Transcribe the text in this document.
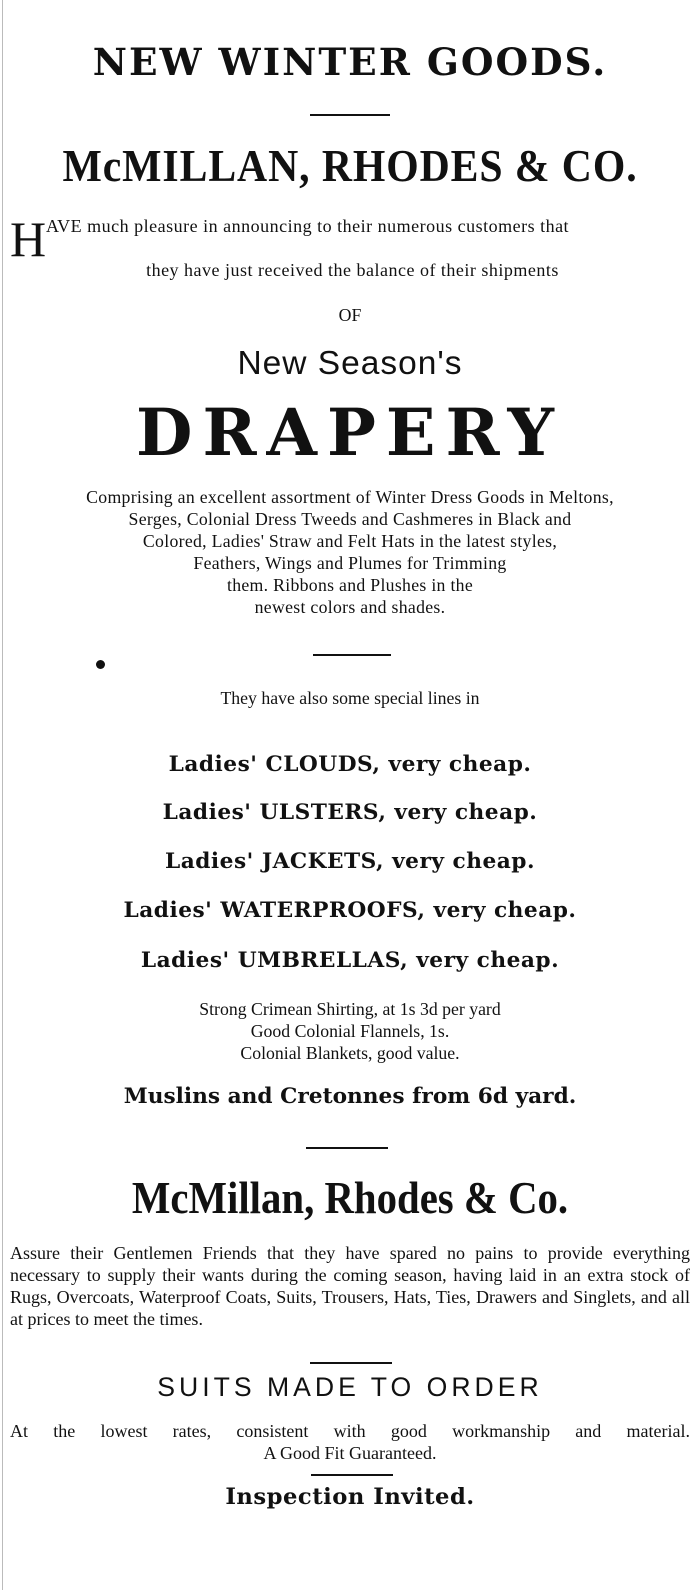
NEW WINTER GOODS.
McMILLAN, RHODES & CO.
H AVE much pleasure in announcing to their numerous customers that
they have just received the balance of their shipments
OF
New Season's
DRAPERY
Comprising an excellent assortment of Winter Dress Goods in Meltons,
Serges, Colonial Dress Tweeds and Cashmeres in Black and
Colored, Ladies' Straw and Felt Hats in the latest styles,
Feathers, Wings and Plumes for Trimming
them. Ribbons and Plushes in the
newest colors and shades.
They have also some special lines in
Ladies' CLOUDS, very cheap.
Ladies' ULSTERS, very cheap.
Ladies' JACKETS, very cheap.
Ladies' WATERPROOFS, very cheap.
Ladies' UMBRELLAS, very cheap.
Strong Crimean Shirting, at 1s 3d per yard
Good Colonial Flannels, 1s.
Colonial Blankets, good value.
Muslins and Cretonnes from 6d yard.
McMillan, Rhodes & Co.
Assure their Gentlemen Friends that they have spared no pains to provide everything necessary to supply their wants during the coming season, having laid in an extra stock of Rugs, Overcoats, Waterproof Coats, Suits, Trousers, Hats, Ties, Drawers and Singlets, and all at prices to meet the times.
SUITS MADE TO ORDER
At the lowest rates, consistent with good workmanship and material.
A Good Fit Guaranteed.
Inspection Invited.
